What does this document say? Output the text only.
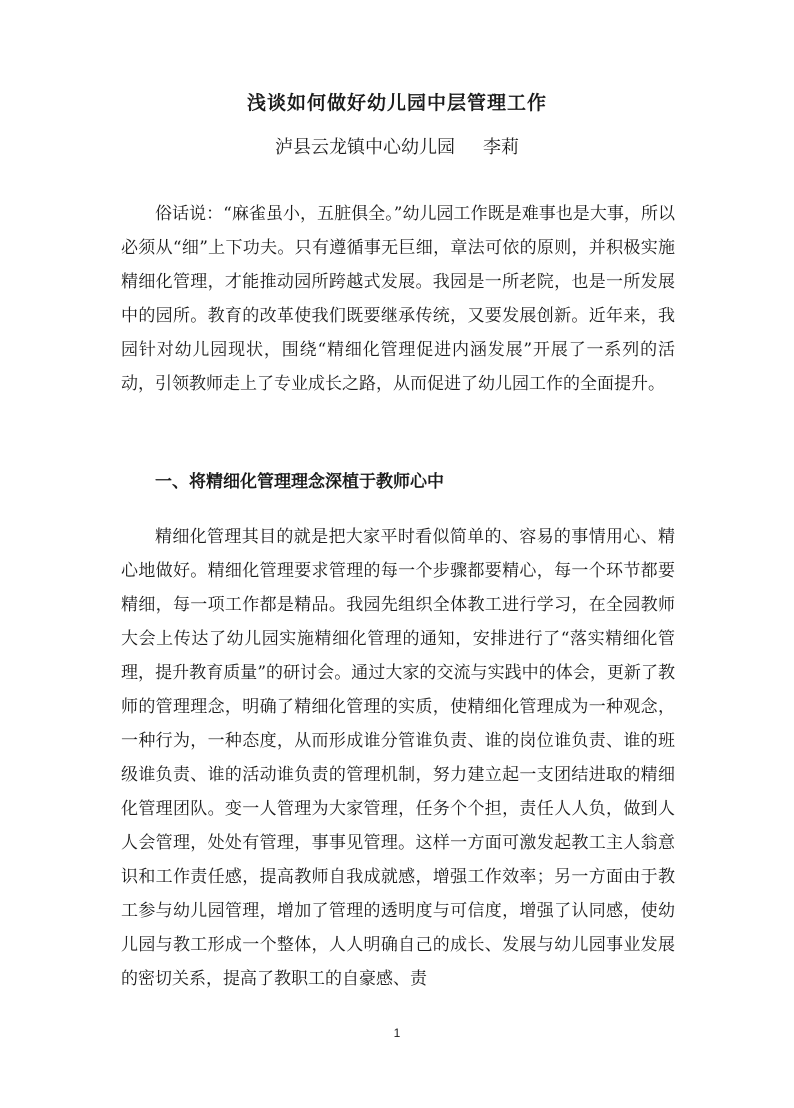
浅谈如何做好幼儿园中层管理工作
泸县云龙镇中心幼儿园 李莉

俗话说：“麻雀虽小，五脏俱全。”幼儿园工作既是难事也是大事，所以必须从“细”上下功夫。只有遵循事无巨细，章法可依的原则，并积极实施精细化管理，才能推动园所跨越式发展。我园是一所老院，也是一所发展中的园所。教育的改革使我们既要继承传统，又要发展创新。近年来，我园针对幼儿园现状，围绕“精细化管理促进内涵发展”开展了一系列的活动，引领教师走上了专业成长之路，从而促进了幼儿园工作的全面提升。

一、将精细化管理理念深植于教师心中

精细化管理其目的就是把大家平时看似简单的、容易的事情用心、精心地做好。精细化管理要求管理的每一个步骤都要精心，每一个环节都要精细，每一项工作都是精品。我园先组织全体教工进行学习，在全园教师大会上传达了幼儿园实施精细化管理的通知，安排进行了“落实精细化管理，提升教育质量”的研讨会。通过大家的交流与实践中的体会，更新了教师的管理理念，明确了精细化管理的实质，使精细化管理成为一种观念，一种行为，一种态度，从而形成谁分管谁负责、谁的岗位谁负责、谁的班级谁负责、谁的活动谁负责的管理机制，努力建立起一支团结进取的精细化管理团队。变一人管理为大家管理，任务个个担，责任人人负，做到人人会管理，处处有管理，事事见管理。这样一方面可激发起教工主人翁意识和工作责任感，提高教师自我成就感，增强工作效率；另一方面由于教工参与幼儿园管理，增加了管理的透明度与可信度，增强了认同感，使幼儿园与教工形成一个整体，人人明确自己的成长、发展与幼儿园事业发展的密切关系，提高了教职工的自豪感、责

1
